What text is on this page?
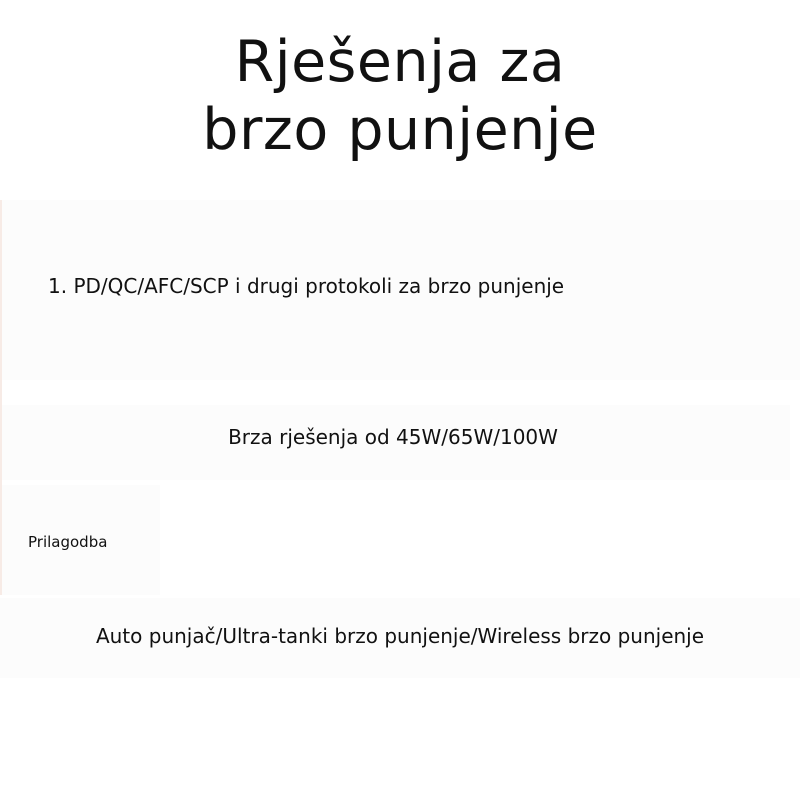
Rješenja za
brzo punjenje

1. PD/QC/AFC/SCP i drugi protokoli za brzo punjenje

Brza rješenja od 45W/65W/100W

Prilagodba

Auto punjač/Ultra-tanki brzo punjenje/Wireless brzo punjenje
